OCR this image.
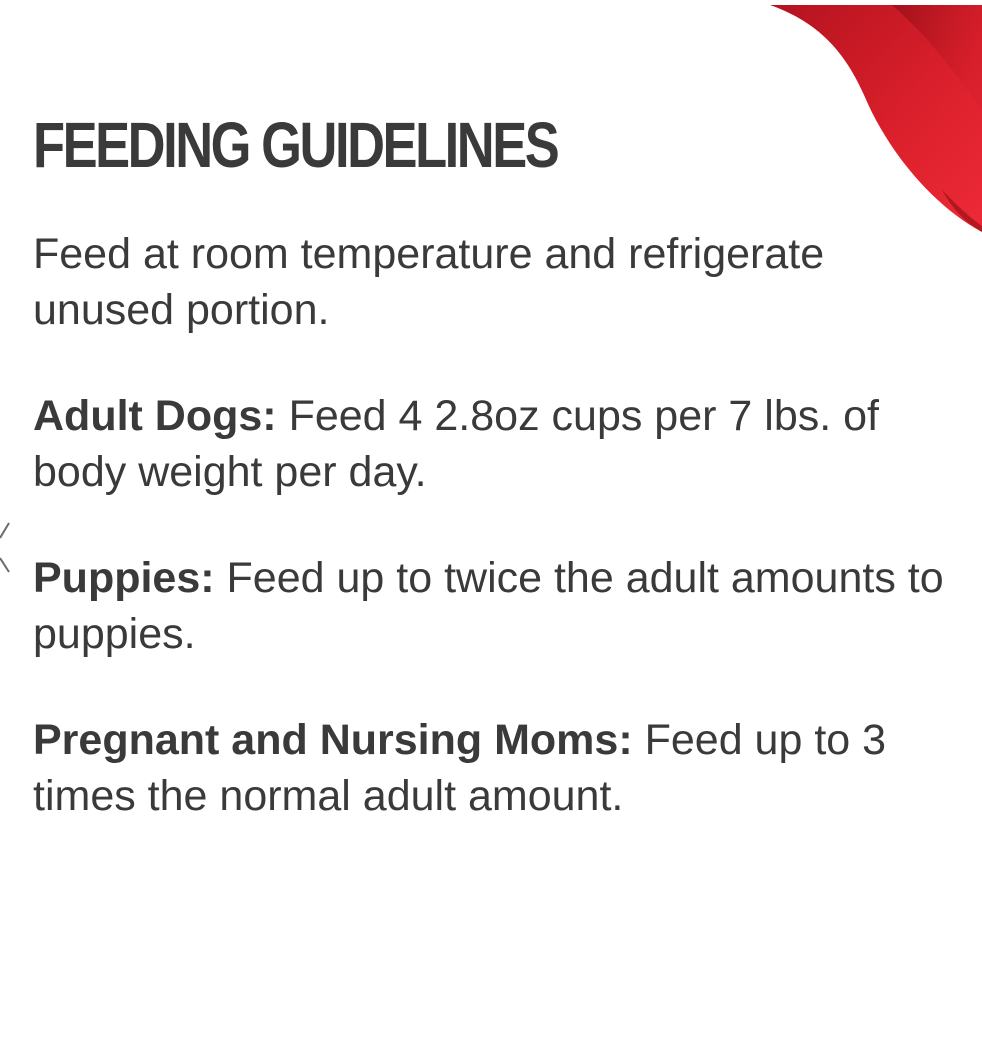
FEEDING GUIDELINES

Feed at room temperature and refrigerate unused portion.

Adult Dogs: Feed 4 2.8oz cups per 7 lbs. of body weight per day.

Puppies: Feed up to twice the adult amounts to puppies.

Pregnant and Nursing Moms: Feed up to 3 times the normal adult amount.
